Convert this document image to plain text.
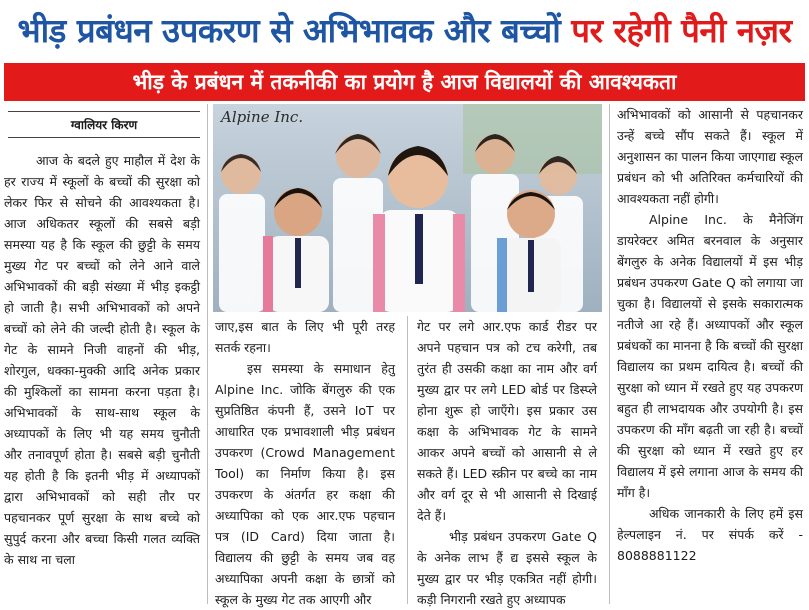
भीड़ प्रबंधन उपकरण से अभिभावक और बच्चों पर रहेगी पैनी नज़र
भीड़ के प्रबंधन में तकनीकी का प्रयोग है आज विद्यालयों की आवश्यकता
ग्वालियर किरण

आज के बदले हुए माहौल में देश के हर राज्य में स्कूलों के बच्चों की सुरक्षा को लेकर फिर से सोचने की आवश्यकता है। आज अधिकतर स्कूलों की सबसे बड़ी समस्या यह है कि स्कूल की छुट्टी के समय मुख्य गेट पर बच्चों को लेने आने वाले अभिभावकों की बड़ी संख्या में भीड़ इकट्ठी हो जाती है। सभी अभिभावकों को अपने बच्चों को लेने की जल्दी होती है। स्कूल के गेट के सामने निजी वाहनों की भीड़, शोरगुल, धक्का-मुक्की आदि अनेक प्रकार की मुश्किलों का सामना करना पड़ता है। अभिभावकों के साथ-साथ स्कूल के अध्यापकों के लिए भी यह समय चुनौती और तनावपूर्ण होता है। सबसे बड़ी चुनौती यह होती है कि इतनी भीड़ में अध्यापकों द्वारा अभिभावकों को सही तौर पर पहचानकर पूर्ण सुरक्षा के साथ बच्चे को सुपुर्द करना और बच्चा किसी गलत व्यक्ति के साथ ना चला

Alpine Inc.

जाए,इस बात के लिए भी पूरी तरह सतर्क रहना।

इस समस्या के समाधान हेतु Alpine Inc. जोकि बेंगलुरु की एक सुप्रतिष्ठित कंपनी हैं, उसने IoT पर आधारित एक प्रभावशाली भीड़ प्रबंधन उपकरण (Crowd Management Tool) का निर्माण किया है। इस उपकरण के अंतर्गत हर कक्षा की अध्यापिका को एक आर.एफ पहचान पत्र (ID Card) दिया जाता है। विद्यालय की छुट्टी के समय जब वह अध्यापिका अपनी कक्षा के छात्रों को स्कूल के मुख्य गेट तक आएगी और

गेट पर लगे आर.एफ कार्ड रीडर पर अपने पहचान पत्र को टच करेगी, तब तुरंत ही उसकी कक्षा का नाम और वर्ग मुख्य द्वार पर लगे LED बोर्ड पर डिस्प्ले होना शुरू हो जाएँगे। इस प्रकार उस कक्षा के अभिभावक गेट के सामने आकर अपने बच्चों को आसानी से ले सकते हैं। LED स्क्रीन पर बच्चे का नाम और वर्ग दूर से भी आसानी से दिखाई देते हैं।

भीड़ प्रबंधन उपकरण Gate Q के अनेक लाभ हैं द्य इससे स्कूल के मुख्य द्वार पर भीड़ एकत्रित नहीं होगी। कड़ी निगरानी रखते हुए अध्यापक

अभिभावकों को आसानी से पहचानकर उन्हें बच्चे सौंप सकते हैं। स्कूल में अनुशासन का पालन किया जाएगाद्य स्कूल प्रबंधन को भी अतिरिक्त कर्मचारियों की आवश्यकता नहीं होगी।

Alpine Inc. के मैनेजिंग डायरेक्टर अमित बरनवाल के अनुसार बेंगलुरु के अनेक विद्यालयों में इस भीड़ प्रबंधन उपकरण Gate Q को लगाया जा चुका है। विद्यालयों से इसके सकारात्मक नतीजे आ रहे हैं। अध्यापकों और स्कूल प्रबंधकों का मानना है कि बच्चों की सुरक्षा विद्यालय का प्रथम दायित्व है। बच्चों की सुरक्षा को ध्यान में रखते हुए यह उपकरण बहुत ही लाभदायक और उपयोगी है। इस उपकरण की माँग बढ़ती जा रही है। बच्चों की सुरक्षा को ध्यान में रखते हुए हर विद्यालय में इसे लगाना आज के समय की माँग है।

अधिक जानकारी के लिए हमें इस हेल्पलाइन नं. पर संपर्क करें - 8088881122
